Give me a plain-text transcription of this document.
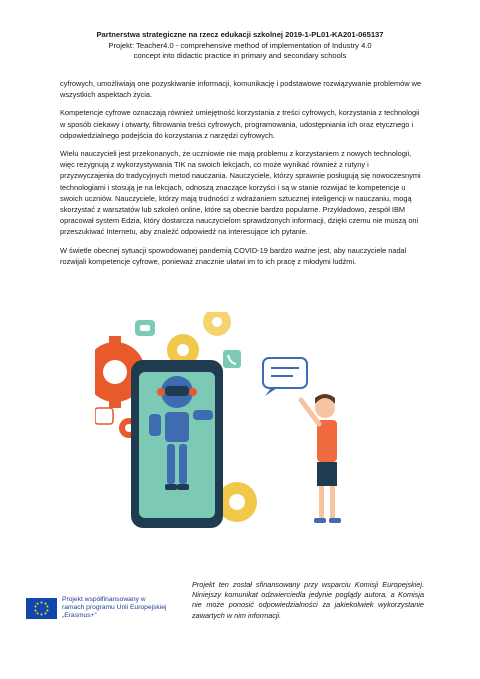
Partnerstwa strategiczne na rzecz edukacji szkolnej 2019-1-PL01-KA201-065137
Projekt: Teacher4.0 - comprehensive method of implementation of Industry 4.0
concept into didactic practice in primary and secondary schools

cyfrowych, umożliwiają one pozyskiwanie informacji, komunikację i podstawowe rozwiązywanie problemów we wszystkich aspektach życia.

Kompetencje cyfrowe oznaczają również umiejętność korzystania z treści cyfrowych, korzystania z technologii w sposób ciekawy i otwarty, filtrowania treści cyfrowych, programowania, udostępniania ich oraz etycznego i odpowiedzialnego podejścia do korzystania z narzędzi cyfrowych.

Wielu nauczycieli jest przekonanych, że uczniowie nie mają problemu z korzystaniem z nowych technologii, więc rezygnują z wykorzystywania TIK na swoich lekcjach, co może wynikać również z rutyny i przyzwyczajenia do tradycyjnych metod nauczania. Nauczyciele, którzy sprawnie posługują się nowoczesnymi technologiami i stosują je na lekcjach, odnoszą znaczące korzyści i są w stanie rozwijać te kompetencje u swoich uczniów. Nauczyciele, którzy mają trudności z wdrażaniem sztucznej inteligencji w nauczaniu, mogą skorzystać z warsztatów lub szkoleń online, które są obecnie bardzo popularne. Przykładowo, zespół IBM opracował system Edzia, który dostarcza nauczycielom sprawdzonych informacji, dzięki czemu nie muszą oni przeszukiwać Internetu, aby znaleźć odpowiedź na interesujące ich pytanie.

W świetle obecnej sytuacji spowodowanej pandemią COVID-19 bardzo ważne jest, aby nauczyciele nadal rozwijali kompetencje cyfrowe, ponieważ znacznie ułatwi im to ich pracę z młodymi ludźmi.

Projekt współfinansowany w
ramach programu Unii Europejskiej
„Erasmus+”
Projekt ten został sfinansowany przy wsparciu Komisji Europejskiej. Niniejszy komunikat odzwierciedla jedynie poglądy autora, a Komisja nie może ponosić odpowiedzialności za jakiekolwiek wykorzystanie zawartych w nim informacji.
